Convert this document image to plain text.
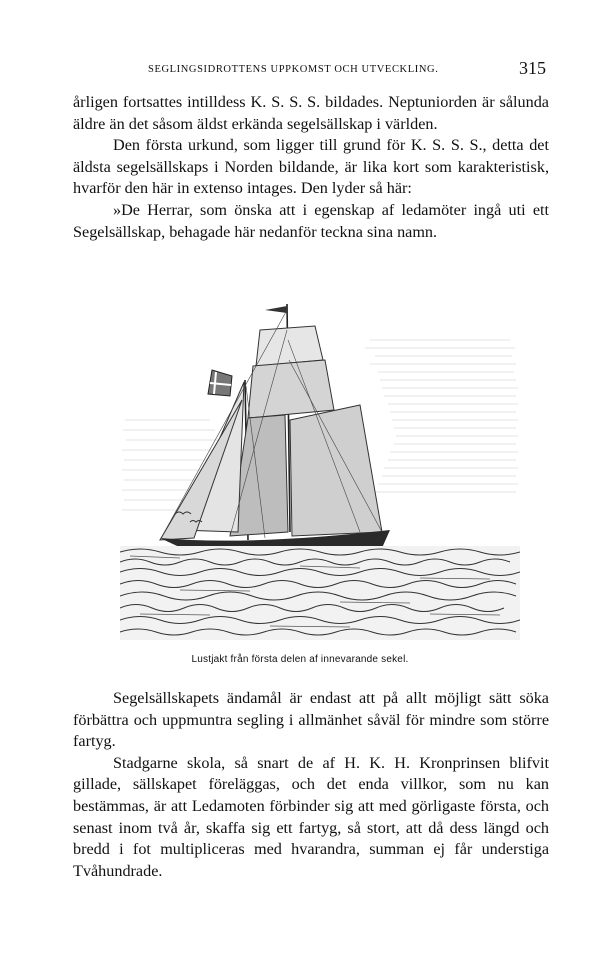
SEGLINGSIDROTTENS UPPKOMST OCH UTVECKLING.	315

årligen fortsattes intilldess K. S. S. S. bildades. Neptuniorden är sålunda äldre än det såsom äldst erkända segelsällskap i världen.

Den första urkund, som ligger till grund för K. S. S. S., detta det äldsta segelsällskaps i Norden bildande, är lika kort som karakteristisk, hvarför den här in extenso intages. Den lyder så här:

»De Herrar, som önska att i egenskap af ledamöter ingå uti ett Segelsällskap, behagade här nedanför teckna sina namn.

Lustjakt från första delen af innevarande sekel.

Segelsällskapets ändamål är endast att på allt möjligt sätt söka förbättra och uppmuntra segling i allmänhet såväl för mindre som större fartyg.

Stadgarne skola, så snart de af H. K. H. Kronprinsen blifvit gillade, sällskapet föreläggas, och det enda villkor, som nu kan bestämmas, är att Ledamoten förbinder sig att med görligaste första, och senast inom två år, skaffa sig ett fartyg, så stort, att då dess längd och bredd i fot multipliceras med hvarandra, summan ej får understiga Tvåhundrade.
